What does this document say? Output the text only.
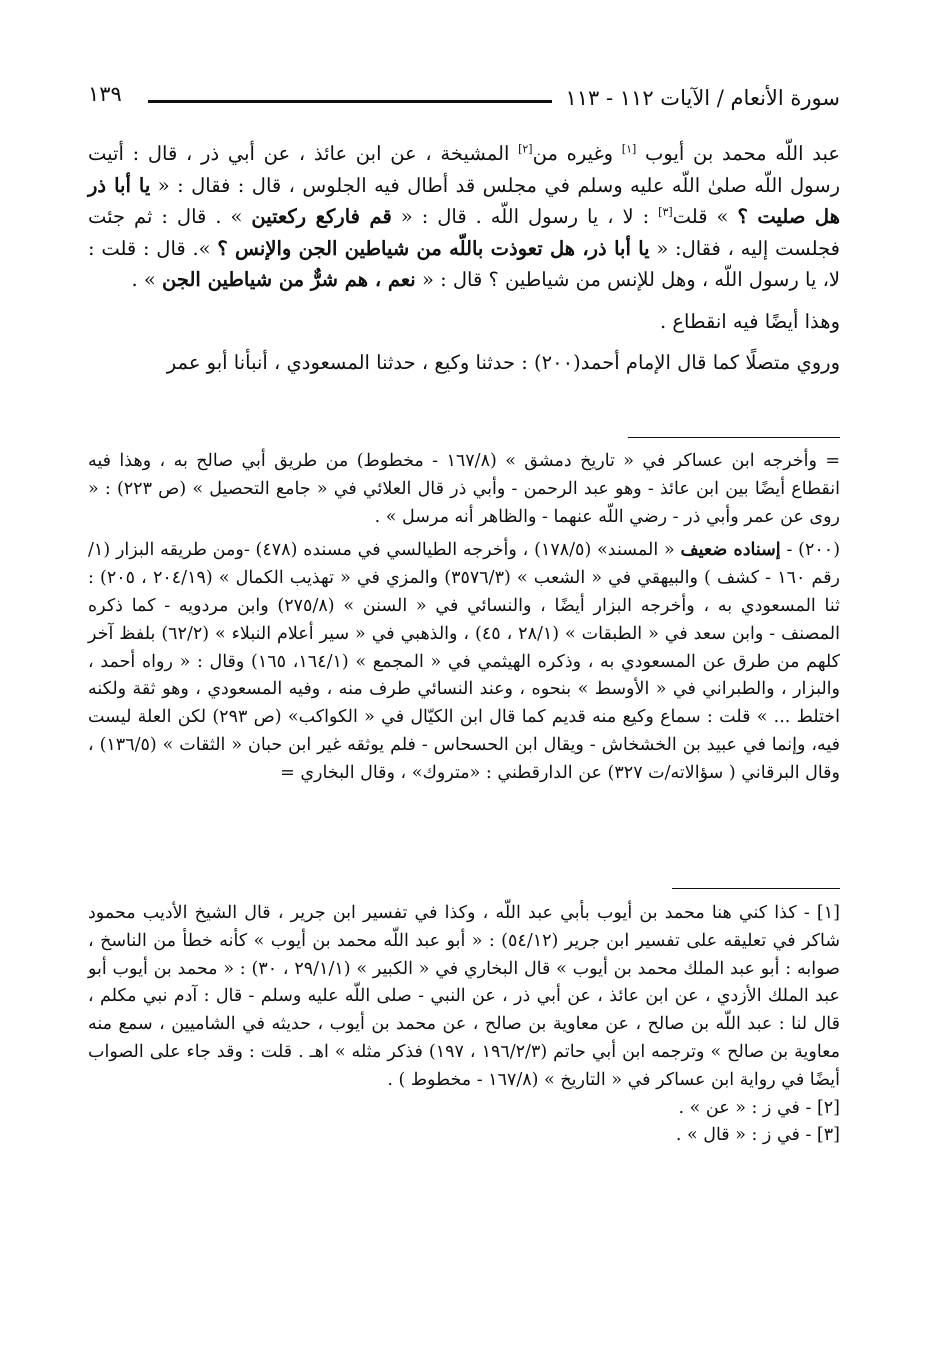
سورة الأنعام / الآيات ١١٢ - ١١٣
١٣٩

عبد اللّه محمد بن أيوب [١] وغيره من[٢] المشيخة ، عن ابن عائذ ، عن أبي ذر ، قال : أتيت رسول اللّه صلىٰ اللّه عليه وسلم في مجلس قد أطال فيه الجلوس ، قال : فقال : « يا أبا ذر هل صليت ؟ » قلت[٣] : لا ، يا رسول اللّه . قال : « قم فاركع ركعتين » . قال : ثم جئت فجلست إليه ، فقال: « يا أبا ذر، هل تعوذت باللّه من شياطين الجن والإنس ؟ ». قال : قلت : لا، يا رسول اللّه ، وهل للإنس من شياطين ؟ قال : « نعم ، هم شرٌّ من شياطين الجن » .

وهذا أيضًا فيه انقطاع .

وروي متصلًا كما قال الإمام أحمد(٢٠٠) : حدثنا وكيع ، حدثنا المسعودي ، أنبأنا أبو عمر

= وأخرجه ابن عساكر في « تاريخ دمشق » (١٦٧/٨ - مخطوط) من طريق أبي صالح به ، وهذا فيه انقطاع أيضًا بين ابن عائذ - وهو عبد الرحمن - وأبي ذر قال العلائي في « جامع التحصيل » (ص ٢٢٣) : « روى عن عمر وأبي ذر - رضي اللّه عنهما - والظاهر أنه مرسل » .

(٢٠٠) - إسناده ضعيف « المسند» (١٧٨/٥) ، وأخرجه الطيالسي في مسنده (٤٧٨) -ومن طريقه البزار (١/رقم ١٦٠ - كشف ) والبيهقي في « الشعب » (٣٥٧٦/٣) والمزي في « تهذيب الكمال » (٢٠٤/١٩ ، ٢٠٥) : ثنا المسعودي به ، وأخرجه البزار أيضًا ، والنسائي في « السنن » (٢٧٥/٨) وابن مردويه - كما ذكره المصنف - وابن سعد في « الطبقات » (٢٨/١ ، ٤٥) ، والذهبي في « سير أعلام النبلاء » (٦٢/٢) بلفظ آخر كلهم من طرق عن المسعودي به ، وذكره الهيثمي في « المجمع » (١٦٤/١، ١٦٥) وقال : « رواه أحمد ، والبزار ، والطبراني في « الأوسط » بنحوه ، وعند النسائي طرف منه ، وفيه المسعودي ، وهو ثقة ولكنه اختلط ... » قلت : سماع وكيع منه قديم كما قال ابن الكيّال في « الكواكب» (ص ٢٩٣) لكن العلة ليست فيه، وإنما في عبيد بن الخشخاش - ويقال ابن الحسحاس - فلم يوثقه غير ابن حبان « الثقات » (١٣٦/٥) ، وقال البرقاني ( سؤالاته/ت ٣٢٧) عن الدارقطني : «متروك» ، وقال البخاري =

[١] - كذا كني هنا محمد بن أيوب بأبي عبد اللّه ، وكذا في تفسير ابن جرير ، قال الشيخ الأديب محمود شاكر في تعليقه على تفسير ابن جرير (٥٤/١٢) : « أبو عبد اللّه محمد بن أيوب » كأنه خطأ من الناسخ ، صوابه : أبو عبد الملك محمد بن أيوب » قال البخاري في « الكبير » (٢٩/١/١ ، ٣٠) : « محمد بن أيوب أبو عبد الملك الأزدي ، عن ابن عائذ ، عن أبي ذر ، عن النبي - صلى اللّه عليه وسلم - قال : آدم نبي مكلم ، قال لنا : عبد اللّه بن صالح ، عن معاوية بن صالح ، عن محمد بن أيوب ، حديثه في الشاميين ، سمع منه معاوية بن صالح » وترجمه ابن أبي حاتم (١٩٦/٢/٣ ، ١٩٧) فذكر مثله » اهـ . قلت : وقد جاء على الصواب أيضًا في رواية ابن عساكر في « التاريخ » (١٦٧/٨ - مخطوط ) .

[٢] - في ز : « عن » .

[٣] - في ز : « قال » .
